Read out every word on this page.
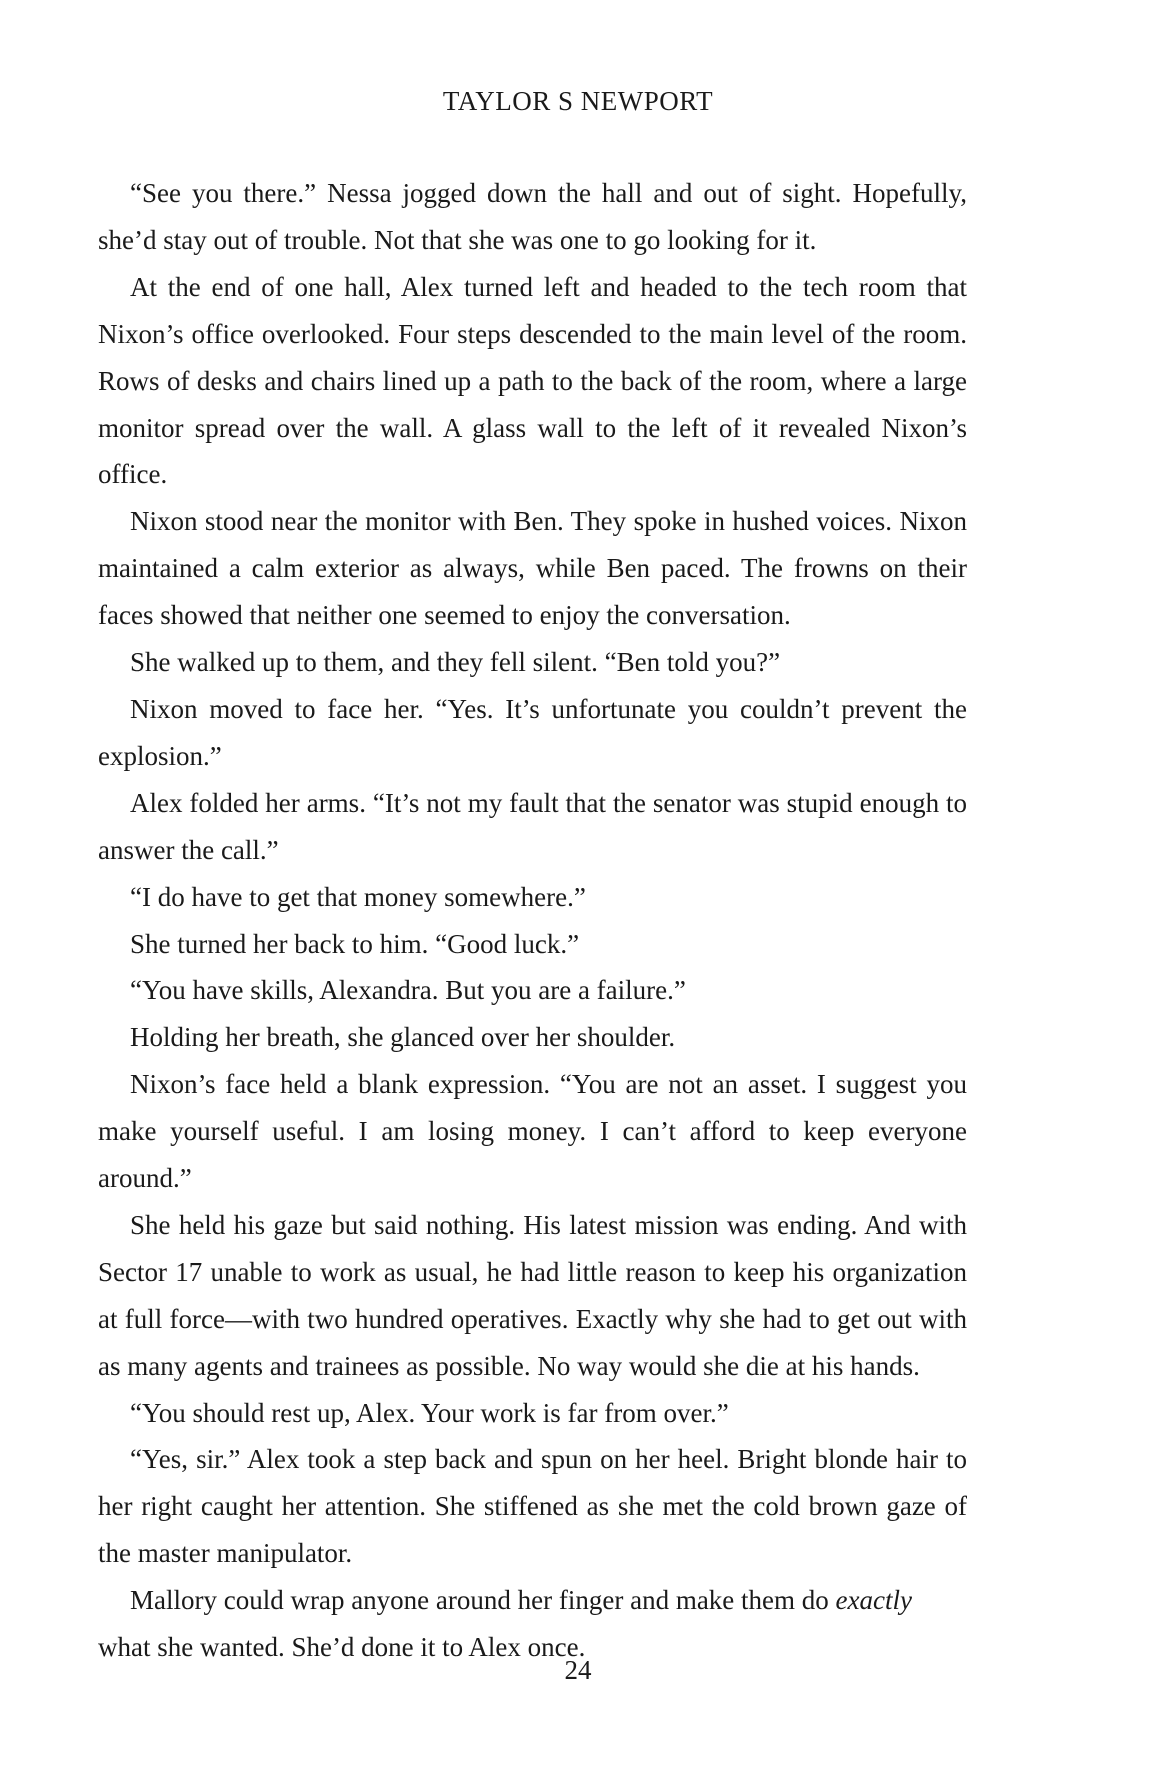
TAYLOR S NEWPORT

“See you there.” Nessa jogged down the hall and out of sight. Hopefully, she’d stay out of trouble. Not that she was one to go looking for it.

At the end of one hall, Alex turned left and headed to the tech room that Nixon’s office overlooked. Four steps descended to the main level of the room. Rows of desks and chairs lined up a path to the back of the room, where a large monitor spread over the wall. A glass wall to the left of it revealed Nixon’s office.

Nixon stood near the monitor with Ben. They spoke in hushed voices. Nixon maintained a calm exterior as always, while Ben paced. The frowns on their faces showed that neither one seemed to enjoy the conversation.

She walked up to them, and they fell silent. “Ben told you?”

Nixon moved to face her. “Yes. It’s unfortunate you couldn’t prevent the explosion.”

Alex folded her arms. “It’s not my fault that the senator was stupid enough to answer the call.”

“I do have to get that money somewhere.”

She turned her back to him. “Good luck.”

“You have skills, Alexandra. But you are a failure.”

Holding her breath, she glanced over her shoulder.

Nixon’s face held a blank expression. “You are not an asset. I suggest you make yourself useful. I am losing money. I can’t afford to keep everyone around.”

She held his gaze but said nothing. His latest mission was ending. And with Sector 17 unable to work as usual, he had little reason to keep his organization at full force—with two hundred operatives. Exactly why she had to get out with as many agents and trainees as possible. No way would she die at his hands.

“You should rest up, Alex. Your work is far from over.”

“Yes, sir.” Alex took a step back and spun on her heel. Bright blonde hair to her right caught her attention. She stiffened as she met the cold brown gaze of the master manipulator.

Mallory could wrap anyone around her finger and make them do exactly what she wanted. She’d done it to Alex once.

24
